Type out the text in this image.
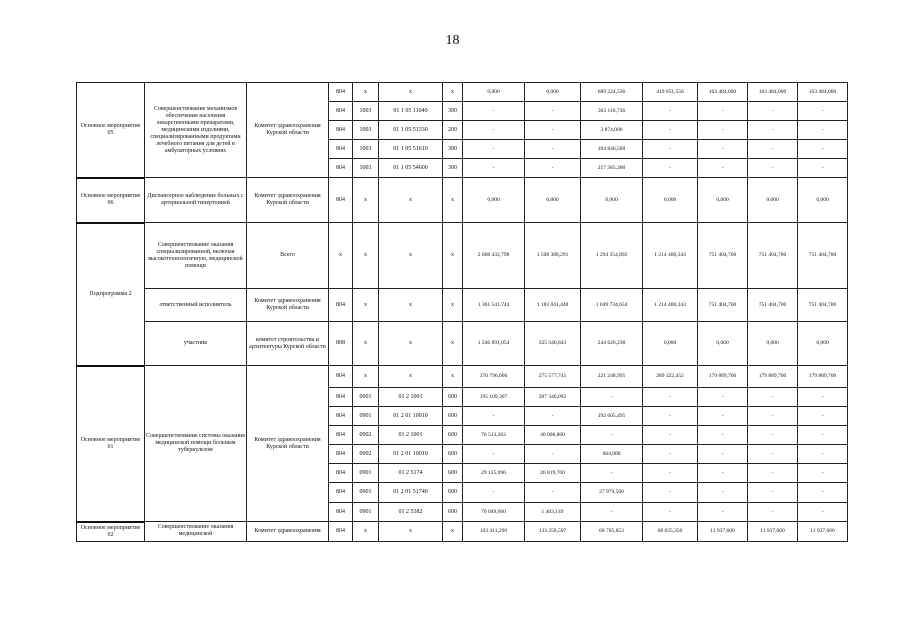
18
Основное мероприятие 05	Совершенствование механизмов обеспечения населения лекарственными препаратами, медицинскими изделиями, специализированными продуктами лечебного питания для детей в амбулаторных условиях	Комитет здравоохранения Курской области	804	x	x	x	0,000	0,000	689 224,536	419 051,556	163 484,000	163 484,000	163 484,000
			804	1003	01 1 05 11040	300	-	-	363 118,736	-	-	-	-
			804	1003	01 1 05 51330	200	-	-	3 874,000	-	-	-	-
			804	1003	01 1 05 51610	300	-	-	104 846,500	-	-	-	-
			804	1003	01 1 05 54600	300	-	-	217 385,300	-	-	-	-
Основное мероприятие 06	Диспансерное наблюдение больных с артериальной гипертонией	Комитет здравоохранения Курской области	804	x	x	x	0,000	0,000	0,000	0,000	0,000	0,000	0,000
Подпрограмма 2	Совершенствование оказания специализированной, включая высокотехнологичную, медицинской помощи	Всего	x	x	x	x	2 608 432,798	1 508 388,291	1 294 354,892	1 214 400,343	751 404,700	751 404,700	751 404,700
	ответственный исполнитель	Комитет здравоохранения Курской области	804	x	x	x	1 361 541,744	1 183 041,448	1 049 734,654	1 214 400,343	751 404,700	751 404,700	751 404,700
	участник	комитет строительства и архитектуры Курской области	808	x	x	x	1 246 891,054	325 346,843	244 620,238	0,000	0,000	0,000	0,000
Основное мероприятие 01	Совершенствование системы оказания медицинской помощи больным туберкулезом	Комитет здравоохранения Курской области	804	x	x	x	370 796,666	275 577,741	221 248,995	289 322,452	179 889,700	179 889,700	179 889,700
			804	0901	01 2 1001	600	195 109,307	207 346,092	-	-	-	-	-
			804	0901	01 2 01 10010	600	-	-	192 605,495	-	-	-	-
			804	0902	01 2 1001	600	76 513,263	40 008,800	-	-	-	-	-
			804	0902	01 2 01 10010	600	-	-	664,000	-	-	-	-
			804	0901	01 2 5174	600	29 125,096	26 819,700	-	-	-	-	-
			804	0901	01 2 01 51740	600	-	-	27 979,500	-	-	-	-
			804	0901	01 2 5382	600	70 049,000	1 403,149	-	-	-	-	-
Основное мероприятие 02	Совершенствование оказания медицинской	Комитет здравоохранения	804	x	x	x	103 411,290	133 258,597	68 705,853	68 025,350	11 937,600	11 937,600	11 937,600
